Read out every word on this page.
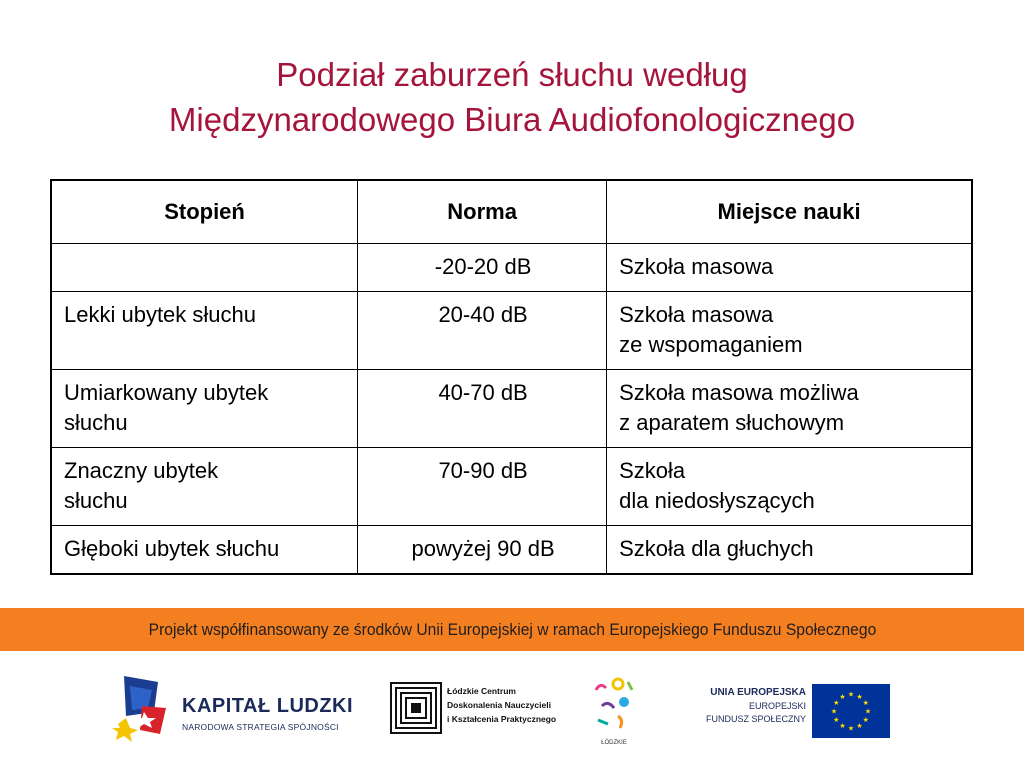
Podział zaburzeń słuchu według
Międzynarodowego Biura Audiofonologicznego
Stopień	Norma	Miejsce nauki

	-20-20 dB	Szkoła masowa

Lekki ubytek słuchu	20-40 dB	Szkoła masowa
ze wspomaganiem

Umiarkowany ubytek
słuchu	40-70 dB	Szkoła masowa możliwa
z aparatem słuchowym

Znaczny ubytek
słuchu	70-90 dB	Szkoła
dla niedosłyszących

Głęboki ubytek słuchu	powyżej 90 dB	Szkoła dla głuchych
Projekt współfinansowany ze środków Unii Europejskiej w ramach Europejskiego Funduszu Społecznego
KAPITAŁ LUDZKI
NARODOWA STRATEGIA SPÓJNOŚCI
Łódzkie Centrum
Doskonalenia Nauczycieli
i Kształcenia Praktycznego
ŁÓDZKIE
UNIA EUROPEJSKA
EUROPEJSKI
FUNDUSZ SPOŁECZNY
★
★
★
★
★
★
★
★
★ ★ ★
★
